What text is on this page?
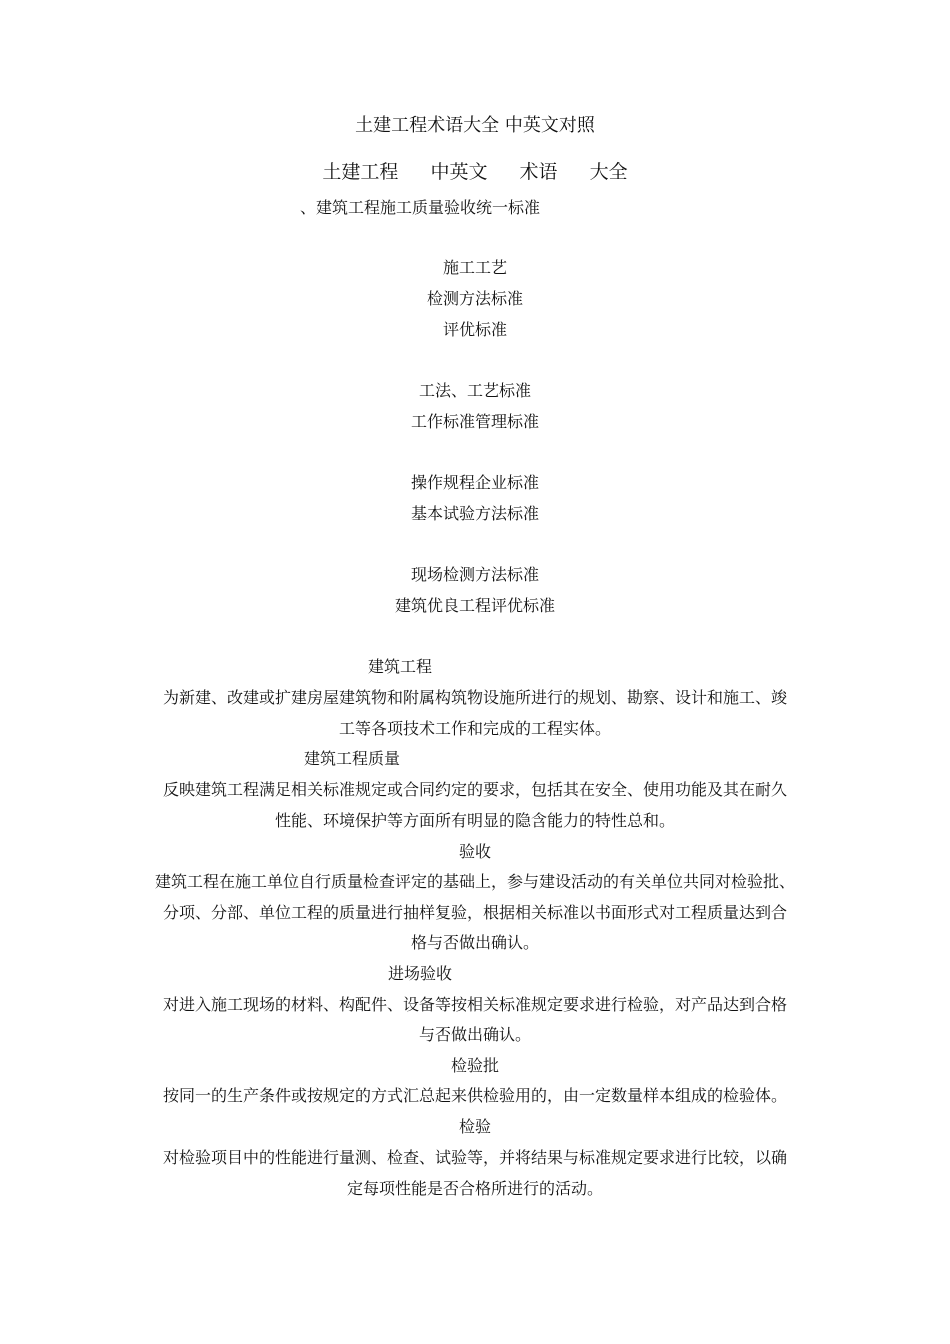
土建工程术语大全 中英文对照
土建工程 中英文 术语 大全
、建筑工程施工质量验收统一标准
施工工艺
检测方法标准
评优标准
工法、工艺标准
工作标准管理标准
操作规程企业标准
基本试验方法标准
现场检测方法标准
建筑优良工程评优标准
建筑工程
为新建、改建或扩建房屋建筑物和附属构筑物设施所进行的规划、勘察、设计和施工、竣
工等各项技术工作和完成的工程实体。
建筑工程质量
反映建筑工程满足相关标准规定或合同约定的要求，包括其在安全、使用功能及其在耐久
性能、环境保护等方面所有明显的隐含能力的特性总和。
验收
建筑工程在施工单位自行质量检查评定的基础上，参与建设活动的有关单位共同对检验批、
分项、分部、单位工程的质量进行抽样复验，根据相关标准以书面形式对工程质量达到合
格与否做出确认。
进场验收
对进入施工现场的材料、构配件、设备等按相关标准规定要求进行检验，对产品达到合格
与否做出确认。
检验批
按同一的生产条件或按规定的方式汇总起来供检验用的，由一定数量样本组成的检验体。
检验
对检验项目中的性能进行量测、检查、试验等，并将结果与标准规定要求进行比较，以确
定每项性能是否合格所进行的活动。
